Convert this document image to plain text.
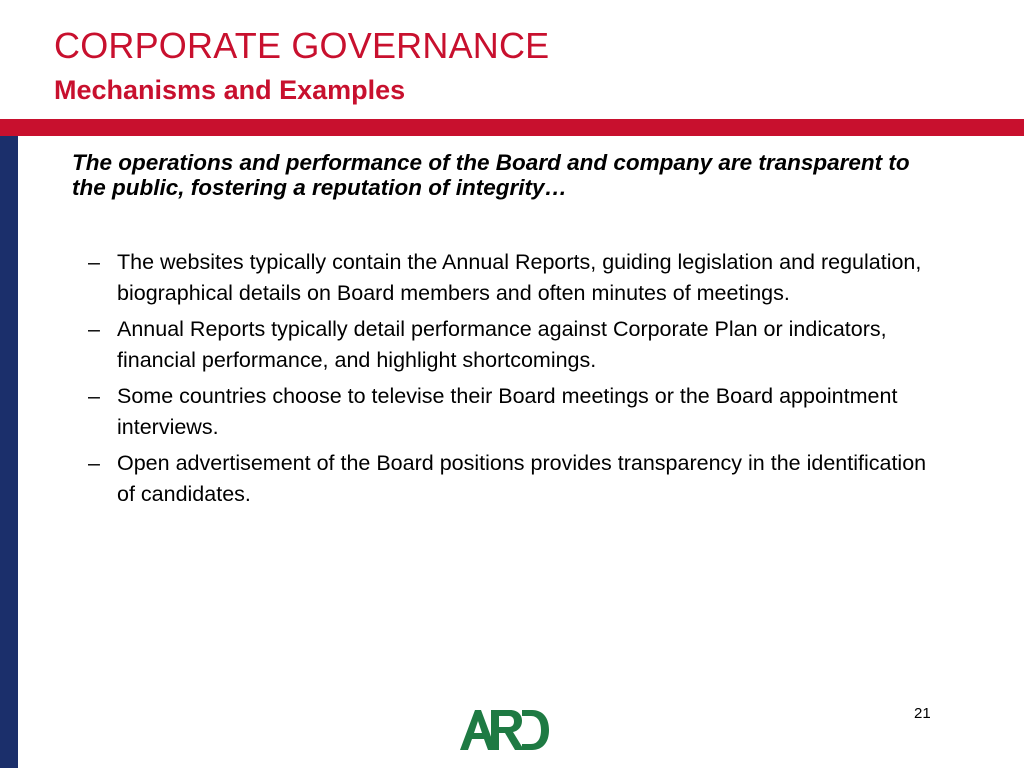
CORPORATE GOVERNANCE
Mechanisms and Examples

The operations and performance of the Board and company are transparent to the public, fostering a reputation of integrity…

– The websites typically contain the Annual Reports, guiding legislation and regulation, biographical details on Board members and often minutes of meetings.
– Annual Reports typically detail performance against Corporate Plan or indicators, financial performance, and highlight shortcomings.
– Some countries choose to televise their Board meetings or the Board appointment interviews.
– Open advertisement of the Board positions provides transparency in the identification of candidates.
21
